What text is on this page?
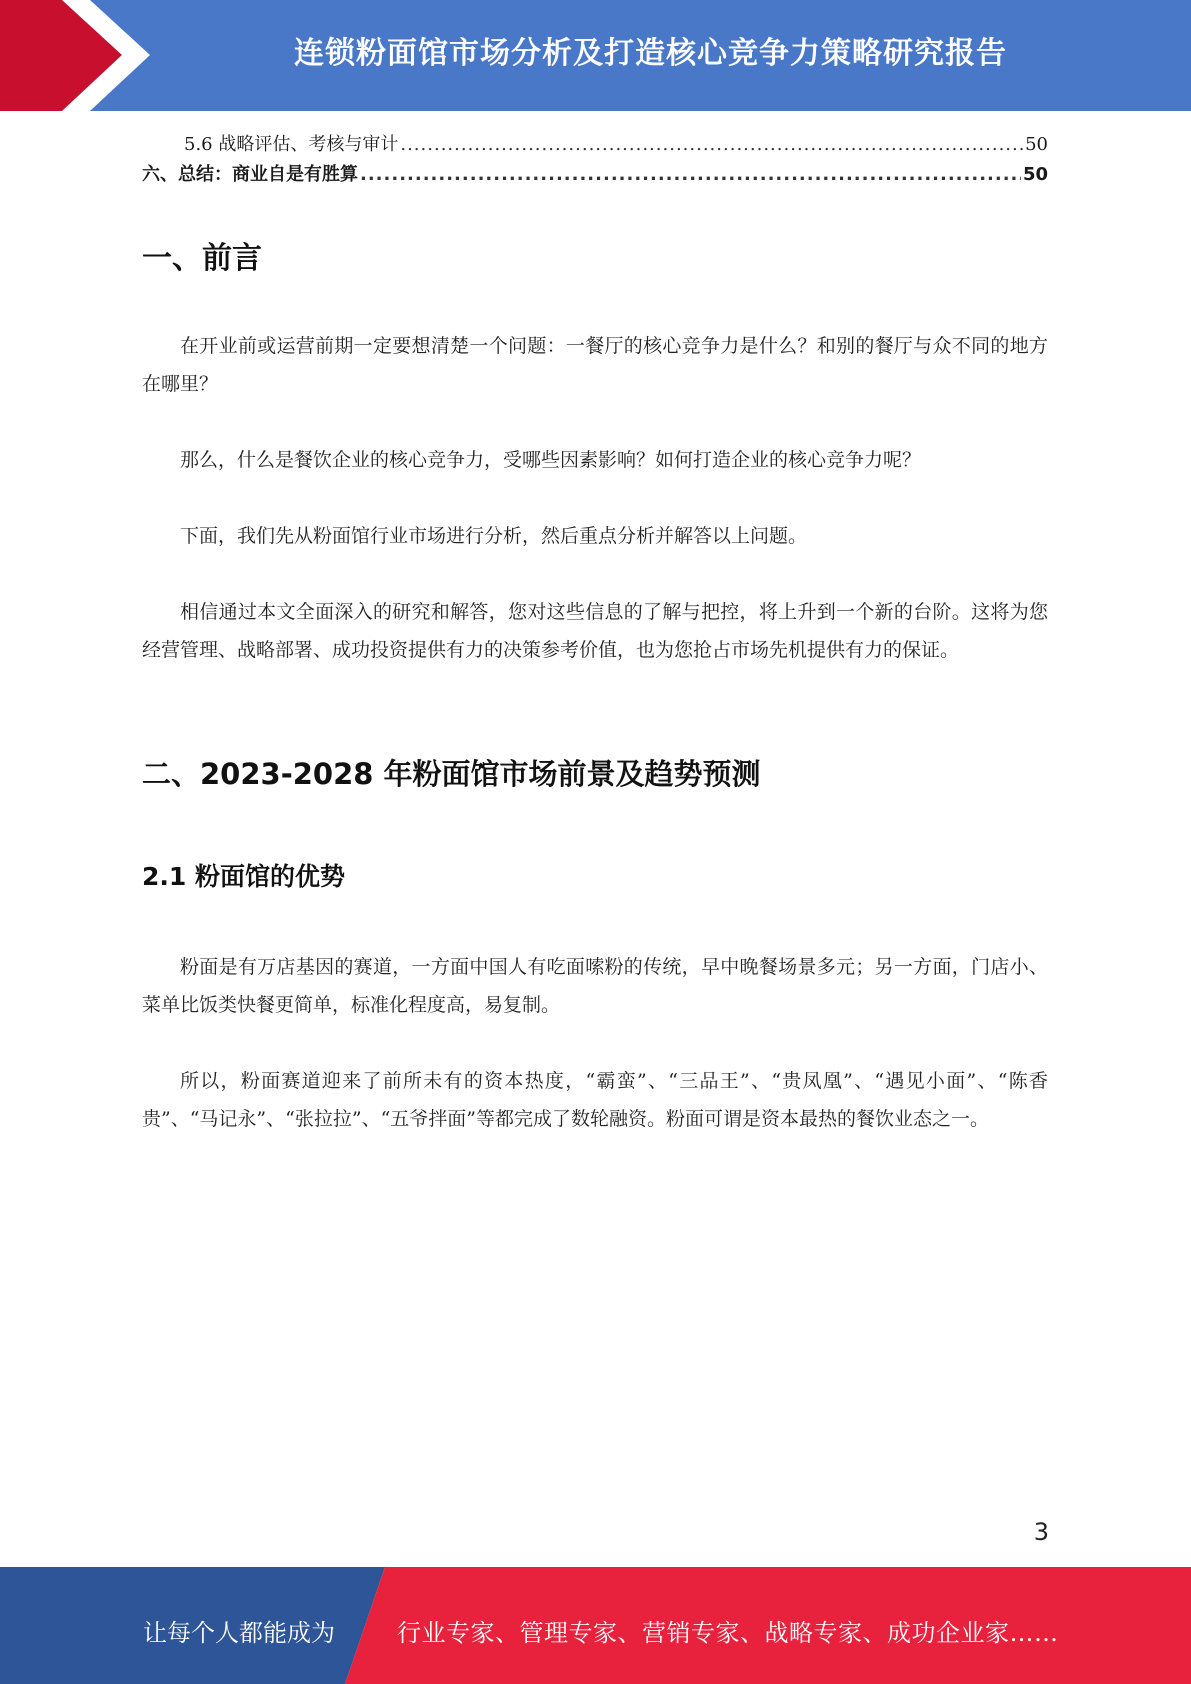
连锁粉面馆市场分析及打造核心竞争力策略研究报告
5.6 战略评估、考核与审计 .....	50
六、总结：商业自是有胜算 .....	50
一、前言
在开业前或运营前期一定要想清楚一个问题：一餐厅的核心竞争力是什么？和别的餐厅与众不同的地方在哪里？
那么，什么是餐饮企业的核心竞争力，受哪些因素影响？如何打造企业的核心竞争力呢？
下面，我们先从粉面馆行业市场进行分析，然后重点分析并解答以上问题。
相信通过本文全面深入的研究和解答，您对这些信息的了解与把控，将上升到一个新的台阶。这将为您经营管理、战略部署、成功投资提供有力的决策参考价值，也为您抢占市场先机提供有力的保证。
二、2023-2028 年粉面馆市场前景及趋势预测
2.1 粉面馆的优势
粉面是有万店基因的赛道，一方面中国人有吃面嗦粉的传统，早中晚餐场景多元；另一方面，门店小、菜单比饭类快餐更简单，标准化程度高，易复制。
所以，粉面赛道迎来了前所未有的资本热度，“霸蛮”、“三品王”、“贵凤凰”、“遇见小面”、“陈香贵”、“马记永”、“张拉拉”、“五爷拌面”等都完成了数轮融资。粉面可谓是资本最热的餐饮业态之一。
3
让每个人都能成为	行业专家、管理专家、营销专家、战略专家、成功企业家……
